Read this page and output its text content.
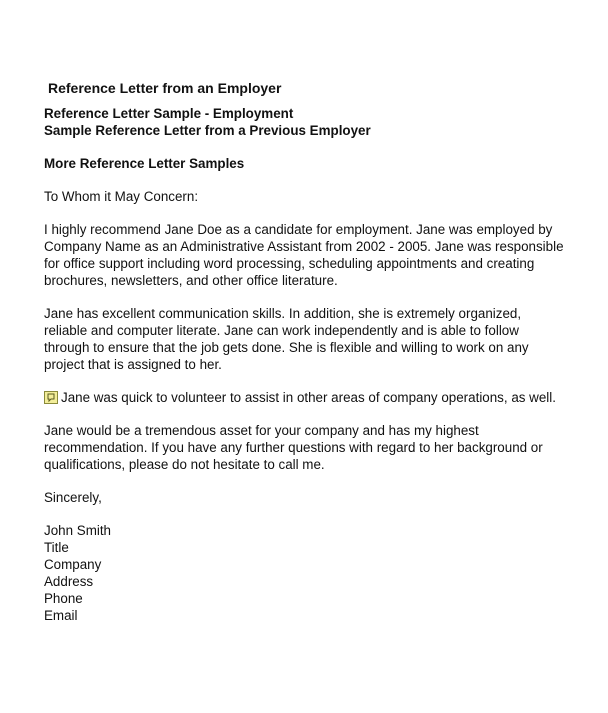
Reference Letter from an Employer
Reference Letter Sample - Employment
Sample Reference Letter from a Previous Employer
More Reference Letter Samples
To Whom it May Concern:
I highly recommend Jane Doe as a candidate for employment. Jane was employed by
Company Name as an Administrative Assistant from 2002 - 2005. Jane was responsible
for office support including word processing, scheduling appointments and creating
brochures, newsletters, and other office literature.
Jane has excellent communication skills. In addition, she is extremely organized,
reliable and computer literate. Jane can work independently and is able to follow
through to ensure that the job gets done. She is flexible and willing to work on any
project that is assigned to her.
Jane was quick to volunteer to assist in other areas of company operations, as well.
Jane would be a tremendous asset for your company and has my highest
recommendation. If you have any further questions with regard to her background or
qualifications, please do not hesitate to call me.
Sincerely,
John Smith
Title
Company
Address
Phone
Email
